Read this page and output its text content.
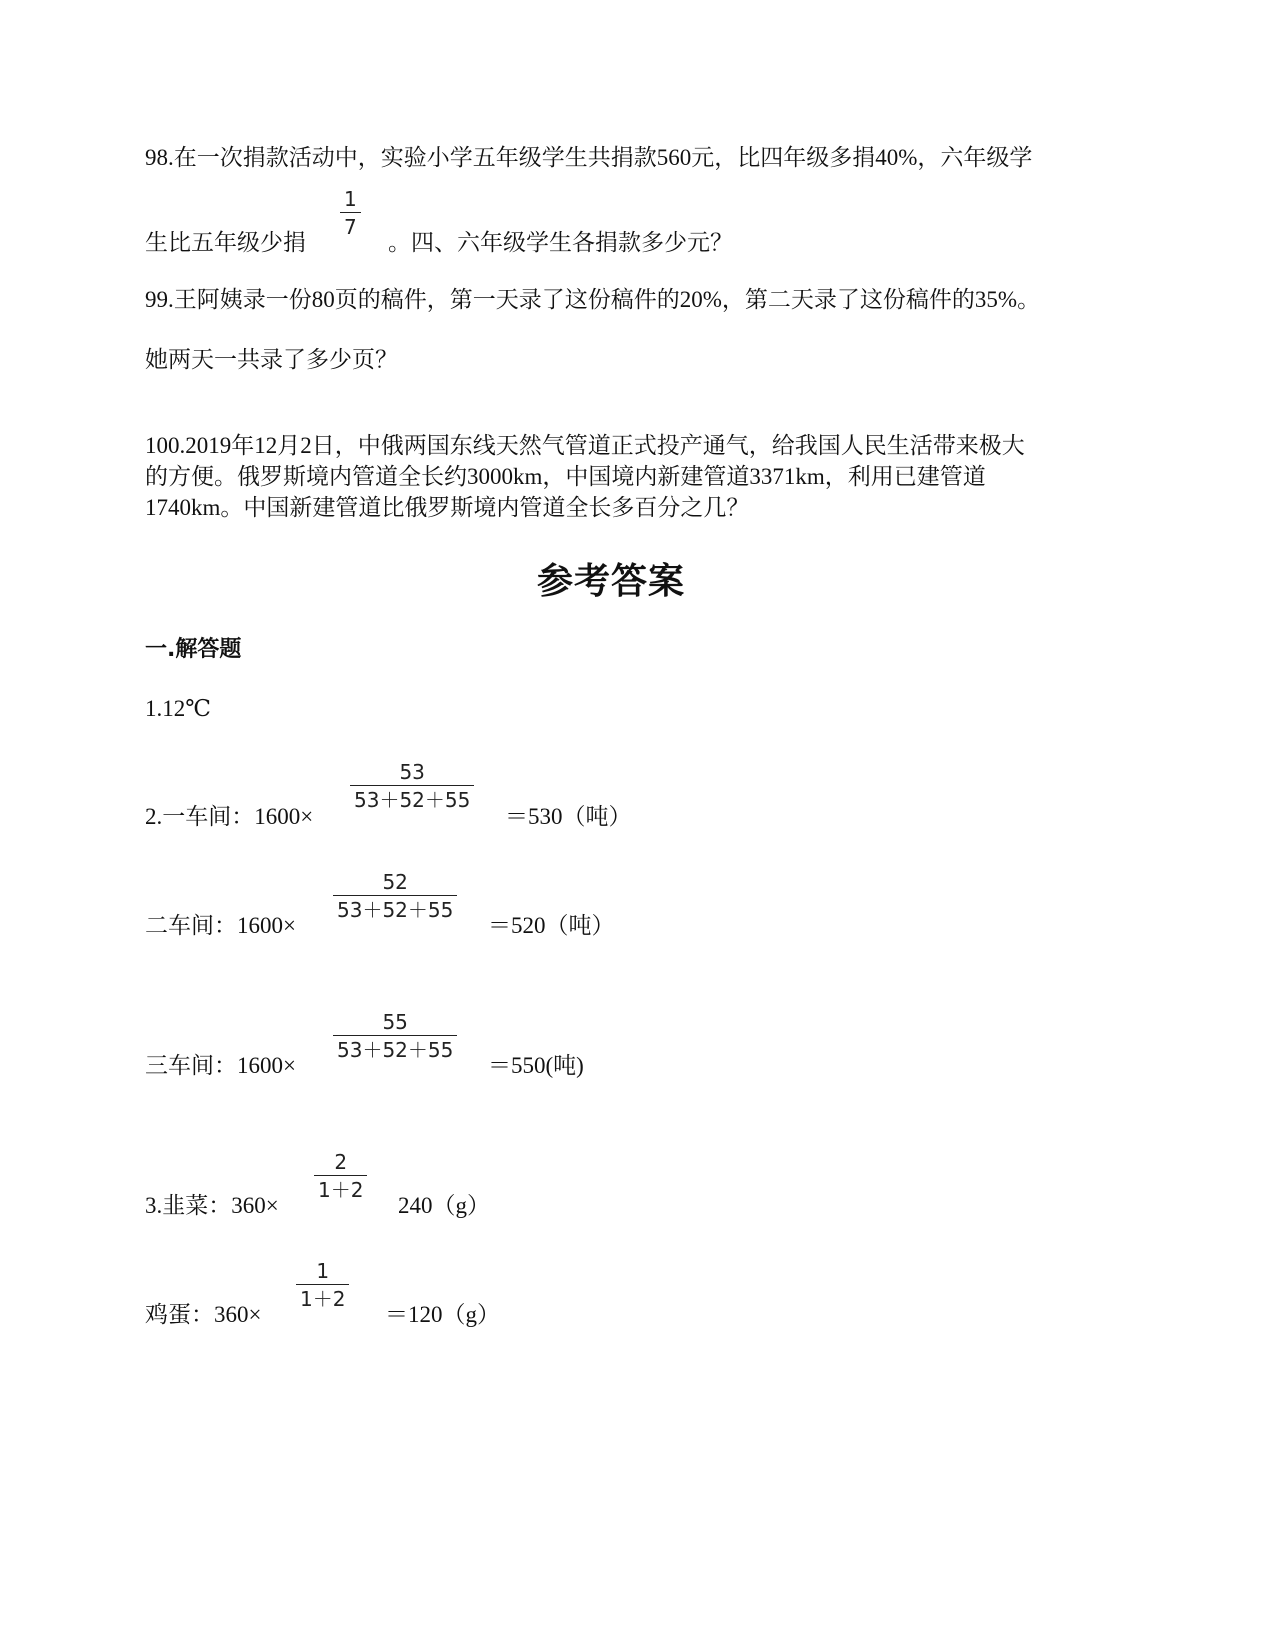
98.在一次捐款活动中，实验小学五年级学生共捐款560元，比四年级多捐40%，六年级学
1
7
生比五年级少捐	。四、六年级学生各捐款多少元？
99.王阿姨录一份80页的稿件，第一天录了这份稿件的20%，第二天录了这份稿件的35%。
她两天一共录了多少页？
100.2019年12月2日，中俄两国东线天然气管道正式投产通气，给我国人民生活带来极大
的方便。俄罗斯境内管道全长约3000km，中国境内新建管道3371km，利用已建管道
1740km。中国新建管道比俄罗斯境内管道全长多百分之几？
参考答案
一.解答题
1.12℃
2.一车间：1600×
53
53＋52＋55
＝530（吨）
二车间：1600×
52
53＋52＋55
＝520（吨）
三车间：1600×
55
53＋52＋55
＝550(吨)
3.韭菜：360×
2
1＋2
240（g）
鸡蛋：360×
1
1＋2
＝120（g）
